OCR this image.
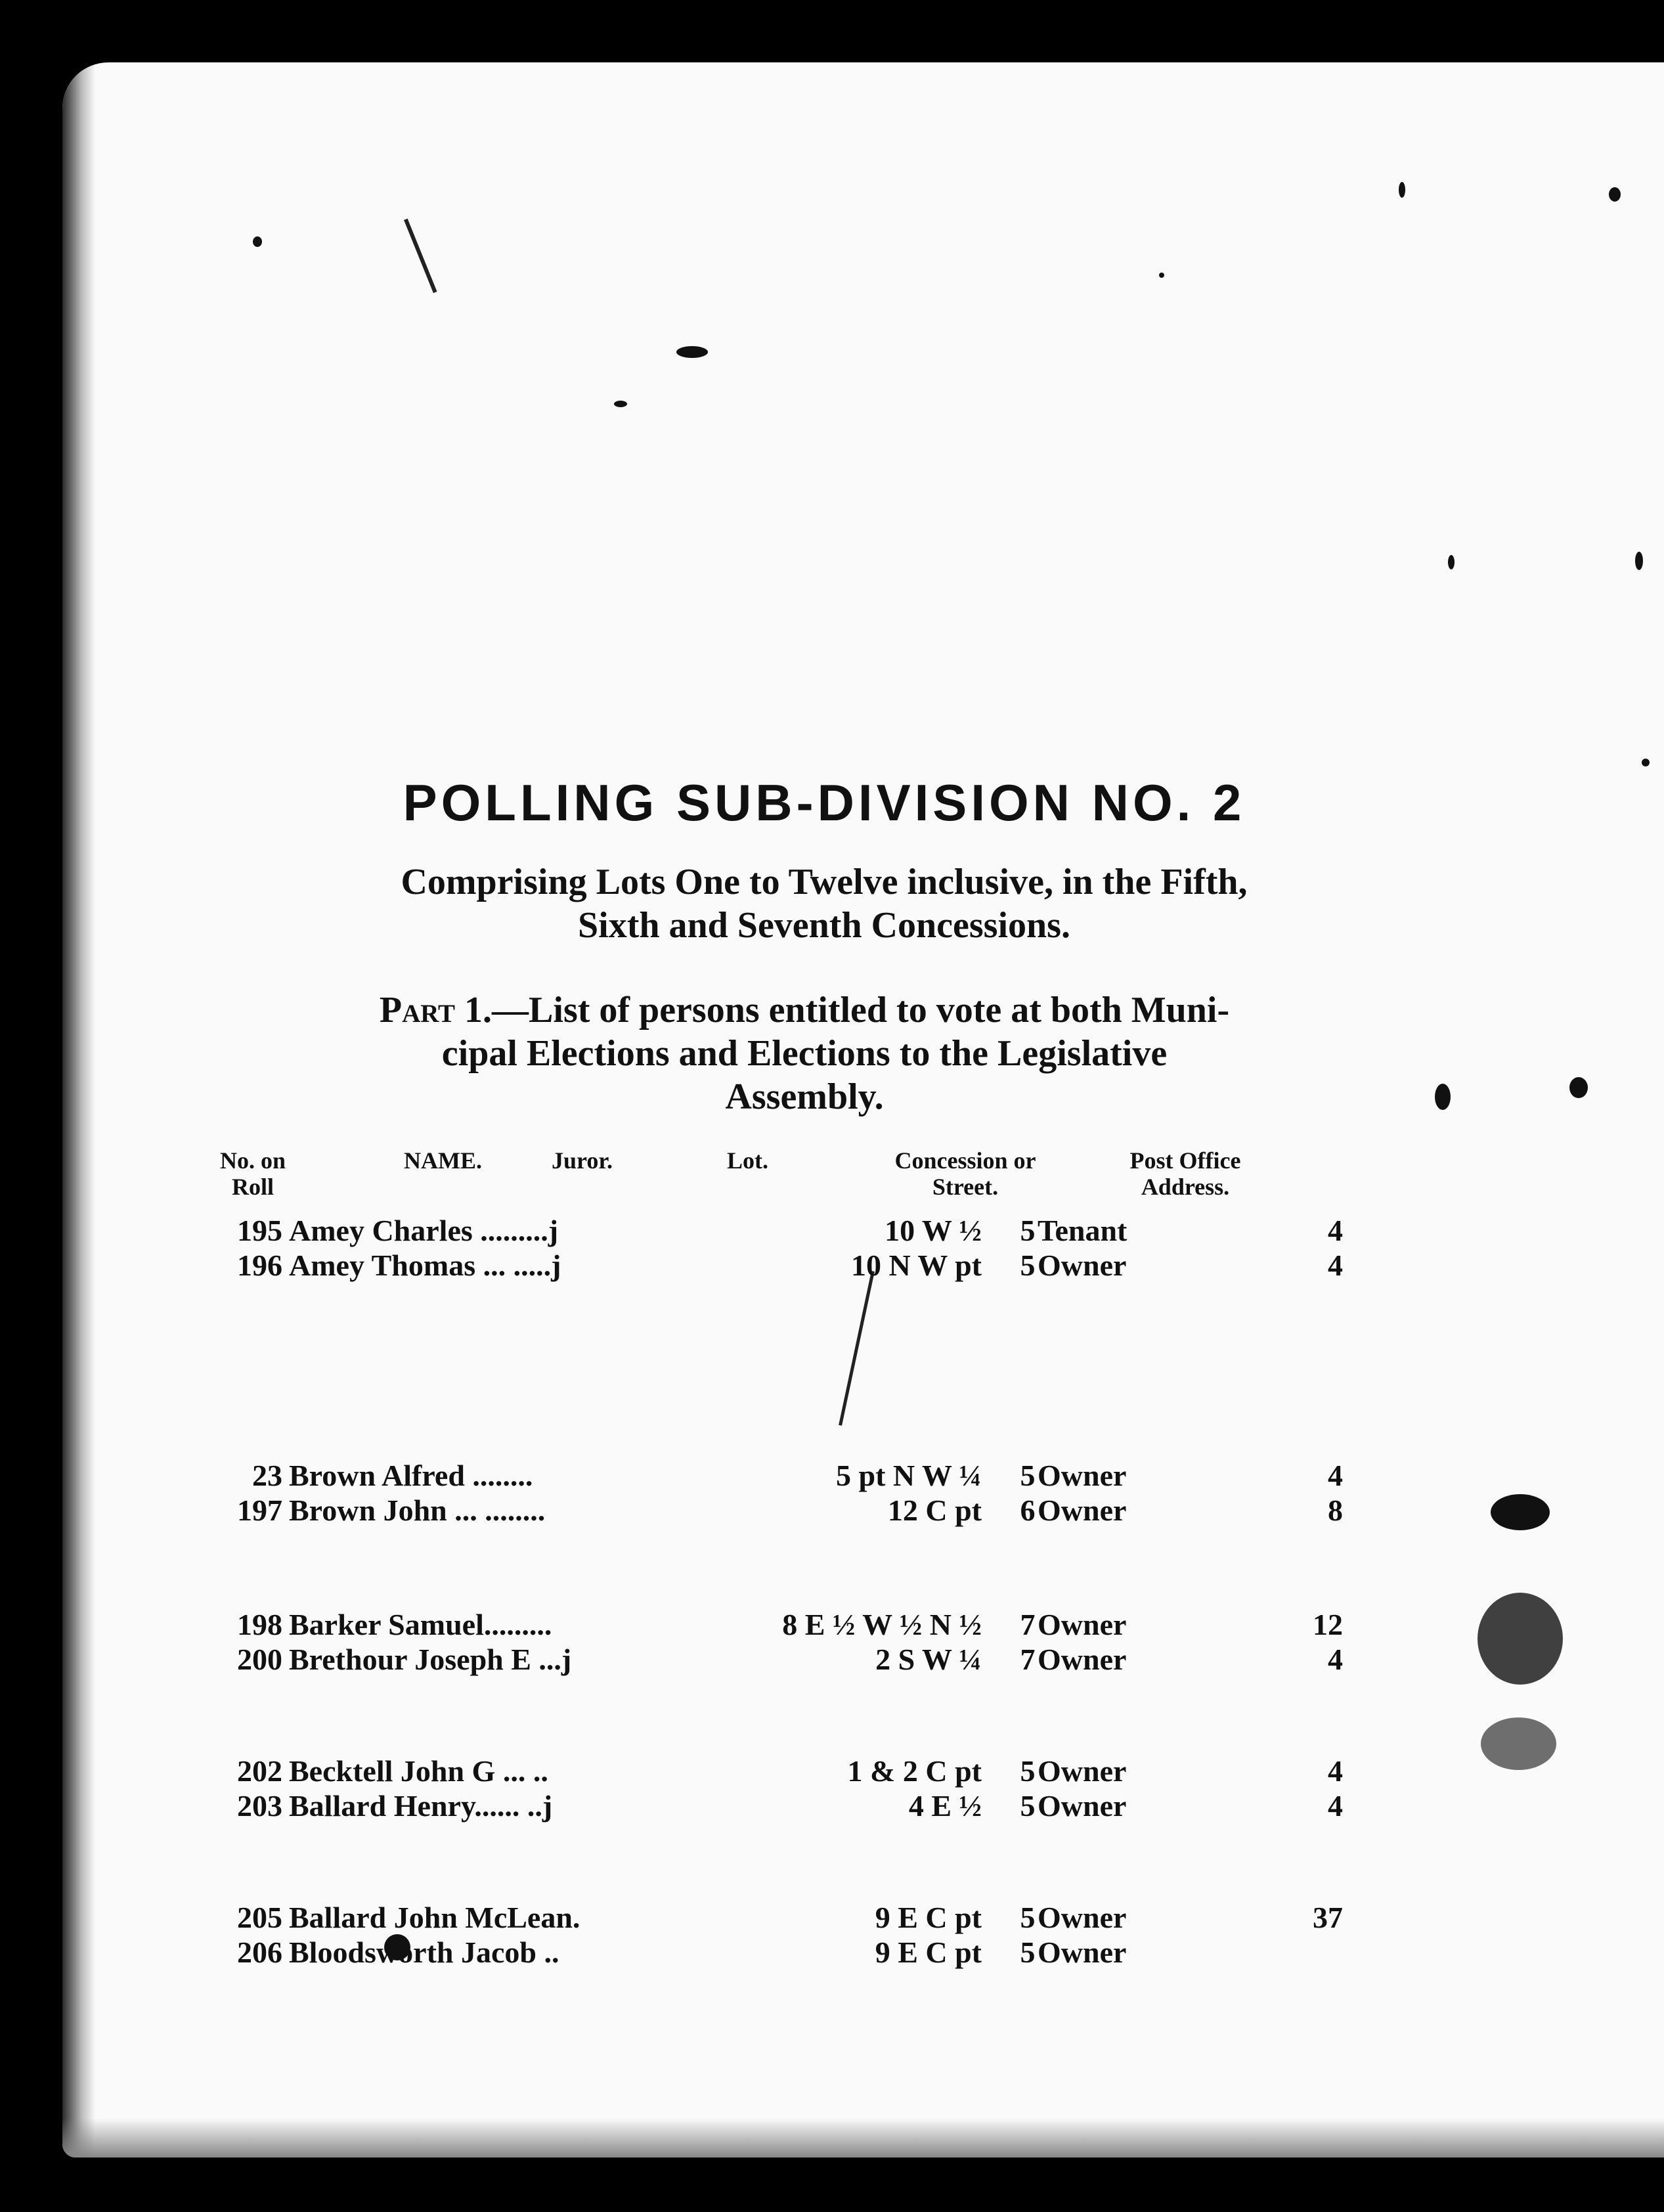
POLLING SUB-DIVISION NO. 2
Comprising Lots One to Twelve inclusive, in the Fifth,
Sixth and Seventh Concessions.
Part 1.—List of persons entitled to vote at both Muni-
cipal Elections and Elections to the Legislative
Assembly.
No. on
Roll
NAME.	Juror.	Lot.	Concession or
Street.
Post Office
Address.
195 Amey Charles .........j	10 W ½	5 Tenant	4
196 Amey Thomas ... .....j	10 N W pt	5 Owner	4
23 Brown Alfred ........	5 pt N W ¼	5 Owner	4
197 Brown John ... ........	12 C pt	6 Owner	8
198 Barker Samuel.........	8 E ½ W ½ N ½	7 Owner	12
200 Brethour Joseph E ...j	2 S W ¼	7 Owner	4
202 Becktell John G ... ..	1 & 2 C pt	5 Owner	4
203 Ballard Henry...... ..j	4 E ½	5 Owner	4
205 Ballard John McLean.	9 E C pt	5 Owner	37
206 Bloodsworth Jacob ..	9 E C pt	5 Owner
